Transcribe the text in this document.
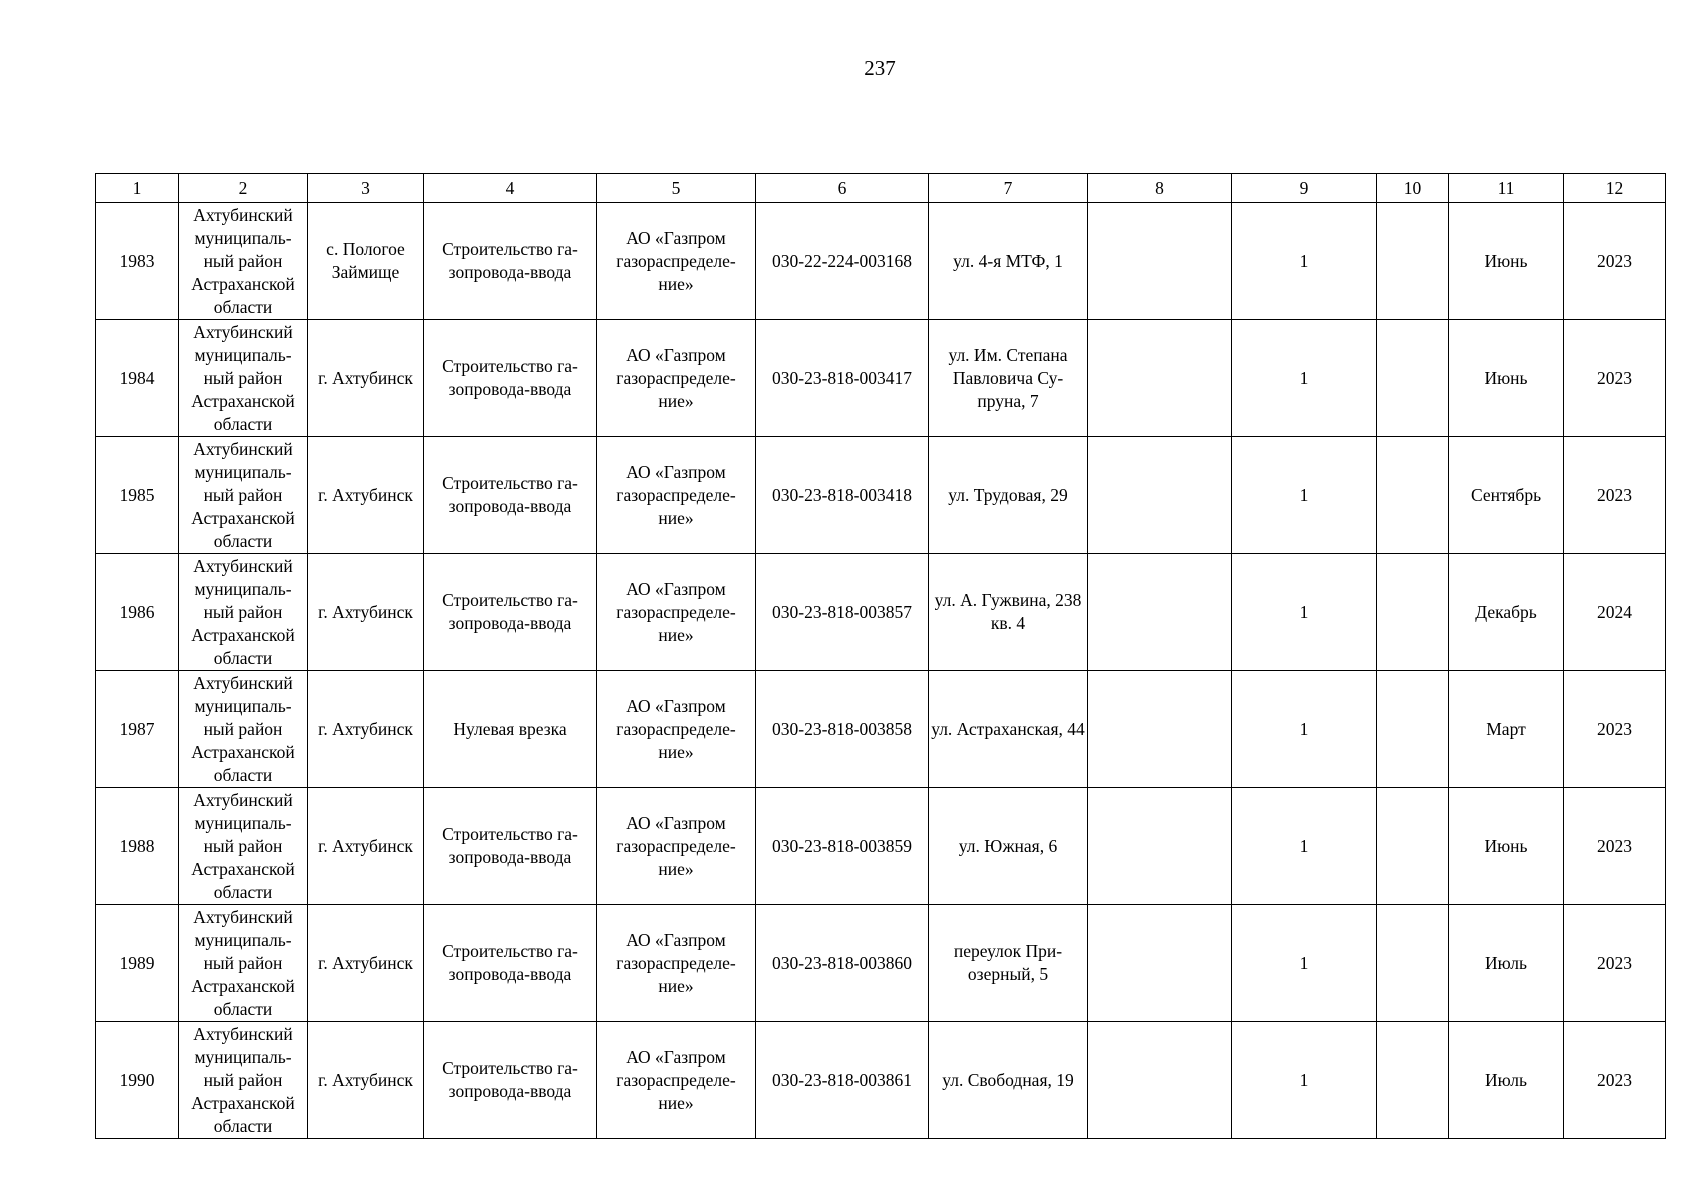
237
1	2	3	4	5	6	7	8	9	10	11	12
1983	Ахтубинский муниципаль-ный район Астраханской области	с. Пологое Займище	Строительство га-зопровода-ввода	АО «Газпром газораспределе-ние»	030-22-224-003168	ул. 4-я МТФ, 1		1		Июнь	2023
1984	Ахтубинский муниципаль-ный район Астраханской области	г. Ахтубинск	Строительство га-зопровода-ввода	АО «Газпром газораспределе-ние»	030-23-818-003417	ул. Им. Степана Павловича Су-пруна, 7		1		Июнь	2023
1985	Ахтубинский муниципаль-ный район Астраханской области	г. Ахтубинск	Строительство га-зопровода-ввода	АО «Газпром газораспределе-ние»	030-23-818-003418	ул. Трудовая, 29		1		Сентябрь	2023
1986	Ахтубинский муниципаль-ный район Астраханской области	г. Ахтубинск	Строительство га-зопровода-ввода	АО «Газпром газораспределе-ние»	030-23-818-003857	ул. А. Гужвина, 238 кв. 4		1		Декабрь	2024
1987	Ахтубинский муниципаль-ный район Астраханской области	г. Ахтубинск	Нулевая врезка	АО «Газпром газораспределе-ние»	030-23-818-003858	ул. Астраханская, 44		1		Март	2023
1988	Ахтубинский муниципаль-ный район Астраханской области	г. Ахтубинск	Строительство га-зопровода-ввода	АО «Газпром газораспределе-ние»	030-23-818-003859	ул. Южная, 6		1		Июнь	2023
1989	Ахтубинский муниципаль-ный район Астраханской области	г. Ахтубинск	Строительство га-зопровода-ввода	АО «Газпром газораспределе-ние»	030-23-818-003860	переулок При-озерный, 5		1		Июль	2023
1990	Ахтубинский муниципаль-ный район Астраханской области	г. Ахтубинск	Строительство га-зопровода-ввода	АО «Газпром газораспределе-ние»	030-23-818-003861	ул. Свободная, 19		1		Июль	2023
